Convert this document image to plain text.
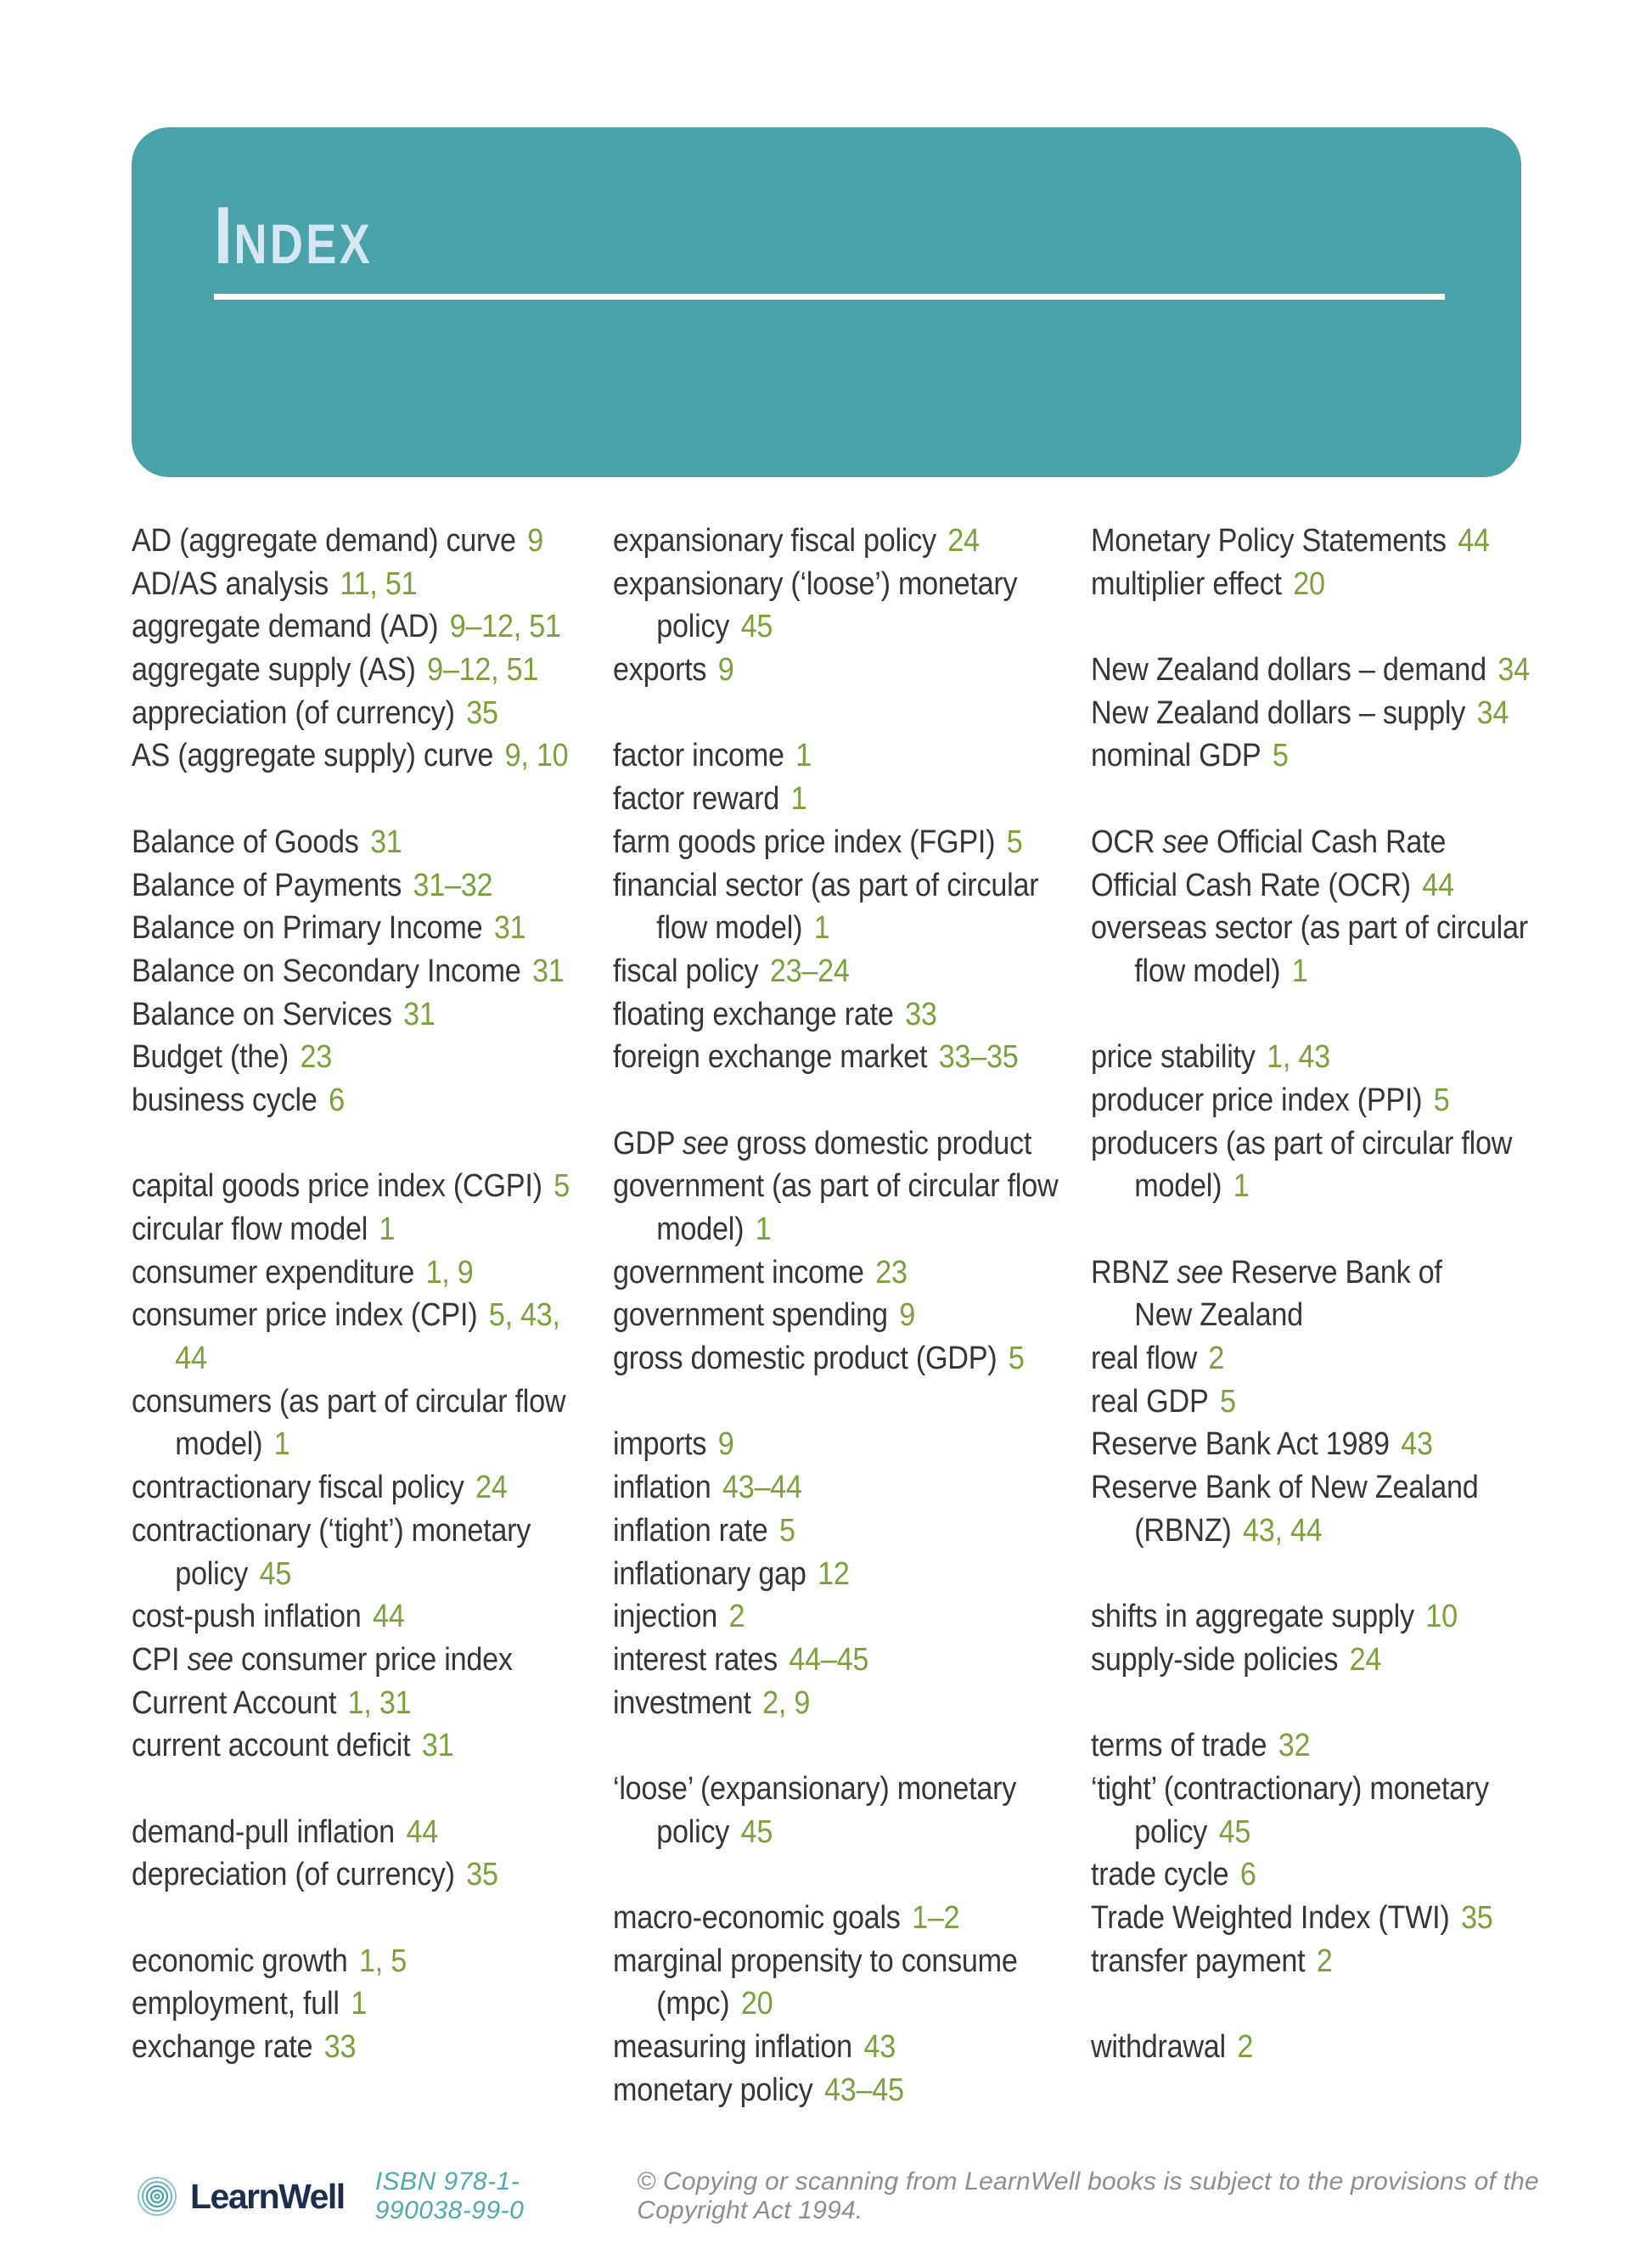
INDEX
AD (aggregate demand) curve 9
AD/AS analysis 11, 51
aggregate demand (AD) 9–12, 51
aggregate supply (AS) 9–12, 51
appreciation (of currency) 35
AS (aggregate supply) curve 9, 10
Balance of Goods 31
Balance of Payments 31–32
Balance on Primary Income 31
Balance on Secondary Income 31
Balance on Services 31
Budget (the) 23
business cycle 6
capital goods price index (CGPI) 5
circular flow model 1
consumer expenditure 1, 9
consumer price index (CPI) 5, 43,
44
consumers (as part of circular flow
model) 1
contractionary fiscal policy 24
contractionary (‘tight’) monetary
policy 45
cost-push inflation 44
CPI see consumer price index
Current Account 1, 31
current account deficit 31
demand-pull inflation 44
depreciation (of currency) 35
economic growth 1, 5
employment, full 1
exchange rate 33
expansionary fiscal policy 24
expansionary (‘loose’) monetary
policy 45
exports 9
factor income 1
factor reward 1
farm goods price index (FGPI) 5
financial sector (as part of circular
flow model) 1
fiscal policy 23–24
floating exchange rate 33
foreign exchange market 33–35
GDP see gross domestic product
government (as part of circular flow
model) 1
government income 23
government spending 9
gross domestic product (GDP) 5
imports 9
inflation 43–44
inflation rate 5
inflationary gap 12
injection 2
interest rates 44–45
investment 2, 9
‘loose’ (expansionary) monetary
policy 45
macro-economic goals 1–2
marginal propensity to consume
(mpc) 20
measuring inflation 43
monetary policy 43–45
Monetary Policy Statements 44
multiplier effect 20
New Zealand dollars – demand 34
New Zealand dollars – supply 34
nominal GDP 5
OCR see Official Cash Rate
Official Cash Rate (OCR) 44
overseas sector (as part of circular
flow model) 1
price stability 1, 43
producer price index (PPI) 5
producers (as part of circular flow
model) 1
RBNZ see Reserve Bank of
New Zealand
real flow 2
real GDP 5
Reserve Bank Act 1989 43
Reserve Bank of New Zealand
(RBNZ) 43, 44
shifts in aggregate supply 10
supply-side policies 24
terms of trade 32
‘tight’ (contractionary) monetary
policy 45
trade cycle 6
Trade Weighted Index (TWI) 35
transfer payment 2
withdrawal 2
LearnWell ISBN 978-1-990038-99-0
© Copying or scanning from LearnWell books is subject to the provisions of the Copyright Act 1994.
